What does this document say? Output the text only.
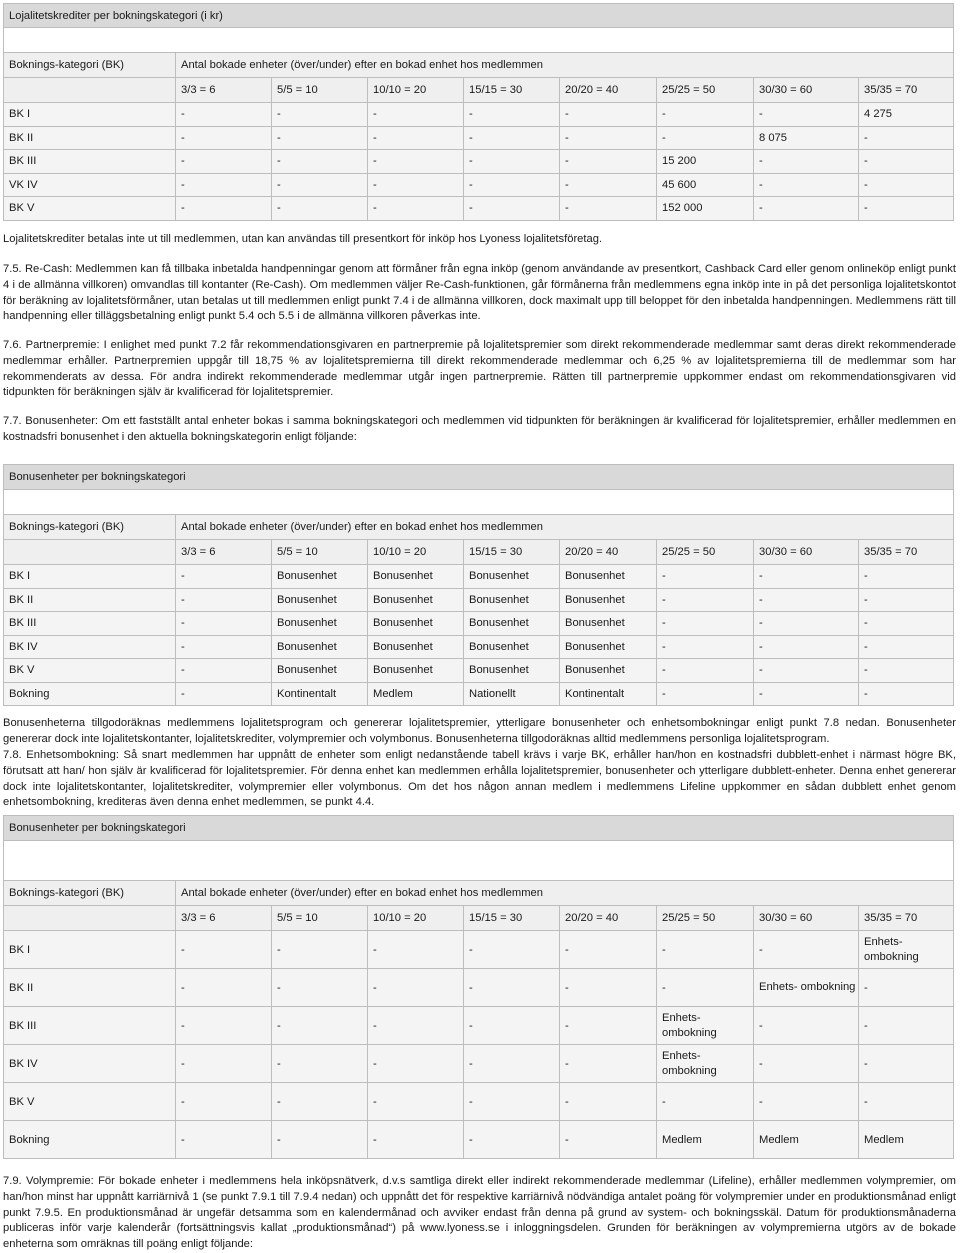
Lojalitetskrediter per bokningskategori (i kr)								

Boknings-kategori (BK)	Antal bokade enheter (över/under) efter en bokad enhet hos medlemmen							
	3/3 = 6	5/5 = 10	10/10 = 20	15/15 = 30	20/20 = 40	25/25 = 50	30/30 = 60	35/35 = 70
BK I	-	-	-	-	-	-	-	4 275
BK II	-	-	-	-	-	-	8 075	-
BK III	-	-	-	-	-	15 200	-	-
VK IV	-	-	-	-	-	45 600	-	-
BK V	-	-	-	-	-	152 000	-	-

Lojalitetskrediter betalas inte ut till medlemmen, utan kan användas till presentkort för inköp hos Lyoness lojalitetsföretag.

7.5. Re-Cash: Medlemmen kan få tillbaka inbetalda handpenningar genom att förmåner från egna inköp (genom användande av presentkort, Cashback Card eller genom onlineköp enligt punkt 4 i de allmänna villkoren) omvandlas till kontanter (Re-Cash). Om medlemmen väljer Re-Cash-funktionen, går förmånerna från medlemmens egna inköp inte in på det personliga lojalitetskontot för beräkning av lojalitetsförmåner, utan betalas ut till medlemmen enligt punkt 7.4 i de allmänna villkoren, dock maximalt upp till beloppet för den inbetalda handpenningen. Medlemmens rätt till handpenning eller tilläggsbetalning enligt punkt 5.4 och 5.5 i de allmänna villkoren påverkas inte.

7.6. Partnerpremie: I enlighet med punkt 7.2 får rekommendationsgivaren en partnerpremie på lojalitetspremier som direkt rekommenderade medlemmar samt deras direkt rekommenderade medlemmar erhåller. Partnerpremien uppgår till 18,75 % av lojalitetspremierna till direkt rekommenderade medlemmar och 6,25 % av lojalitetspremierna till de medlemmar som har rekommenderats av dessa. För andra indirekt rekommenderade medlemmar utgår ingen partnerpremie. Rätten till partnerpremie uppkommer endast om rekommendationsgivaren vid tidpunkten för beräkningen själv är kvalificerad för lojalitetspremier.

7.7. Bonusenheter: Om ett fastställt antal enheter bokas i samma bokningskategori och medlemmen vid tidpunkten för beräkningen är kvalificerad för lojalitetspremier, erhåller medlemmen en kostnadsfri bonusenhet i den aktuella bokningskategorin enligt följande:

Bonusenheter per bokningskategori								

Boknings-kategori (BK)	Antal bokade enheter (över/under) efter en bokad enhet hos medlemmen							
	3/3 = 6	5/5 = 10	10/10 = 20	15/15 = 30	20/20 = 40	25/25 = 50	30/30 = 60	35/35 = 70
BK I	-	Bonusenhet	Bonusenhet	Bonusenhet	Bonusenhet	-	-	-
BK II	-	Bonusenhet	Bonusenhet	Bonusenhet	Bonusenhet	-	-	-
BK III	-	Bonusenhet	Bonusenhet	Bonusenhet	Bonusenhet	-	-	-
BK IV	-	Bonusenhet	Bonusenhet	Bonusenhet	Bonusenhet	-	-	-
BK V	-	Bonusenhet	Bonusenhet	Bonusenhet	Bonusenhet	-	-	-
Bokning	-	Kontinentalt	Medlem	Nationellt	Kontinentalt	-	-	-

Bonusenheterna tillgodoräknas medlemmens lojalitetsprogram och genererar lojalitetspremier, ytterligare bonusenheter och enhetsombokningar enligt punkt 7.8 nedan. Bonusenheter genererar dock inte lojalitetskontanter, lojalitetskrediter, volympremier och volymbonus. Bonusenheterna tillgodoräknas alltid medlemmens personliga lojalitetsprogram.

7.8. Enhetsombokning: Så snart medlemmen har uppnått de enheter som enligt nedanstående tabell krävs i varje BK, erhåller han/hon en kostnadsfri dubblett-enhet i närmast högre BK, förutsatt att han/ hon själv är kvalificerad för lojalitetspremier. För denna enhet kan medlemmen erhålla lojalitetspremier, bonusenheter och ytterligare dubblett-enheter. Denna enhet genererar dock inte lojalitetskontanter, lojalitetskrediter, volympremier eller volymbonus. Om det hos någon annan medlem i medlemmens Lifeline uppkommer en sådan dubblett enhet genom enhetsombokning, krediteras även denna enhet medlemmen, se punkt 4.4.

Bonusenheter per bokningskategori								

Boknings-kategori (BK)	Antal bokade enheter (över/under) efter en bokad enhet hos medlemmen							
	3/3 = 6	5/5 = 10	10/10 = 20	15/15 = 30	20/20 = 40	25/25 = 50	30/30 = 60	35/35 = 70
BK I	-	-	-	-	-	-	-	Enhets- ombokning
BK II	-	-	-	-	-	-	Enhets- ombokning	-
BK III	-	-	-	-	-	Enhets- ombokning	-	-
BK IV	-	-	-	-	-	Enhets- ombokning	-	-
BK V	-	-	-	-	-	-	-	-
Bokning	-	-	-	-	-	Medlem	Medlem	Medlem

7.9. Volympremie: För bokade enheter i medlemmens hela inköpsnätverk, d.v.s samtliga direkt eller indirekt rekommenderade medlemmar (Lifeline), erhåller medlemmen volympremier, om han/hon minst har uppnått karriärnivå 1 (se punkt 7.9.1 till 7.9.4 nedan) och uppnått det för respektive karriärnivå nödvändiga antalet poäng för volympremier under en produktionsmånad enligt punkt 7.9.5. En produktionsmånad är ungefär detsamma som en kalendermånad och avviker endast från denna på grund av system- och bokningsskäl. Datum för produktionsmånaderna publiceras inför varje kalenderår (fortsättningsvis kallat „produktionsmånad“) på www.lyoness.se i inloggningsdelen. Grunden för beräkningen av volympremierna utgörs av de bokade enheterna som omräknas till poäng enligt följande:
